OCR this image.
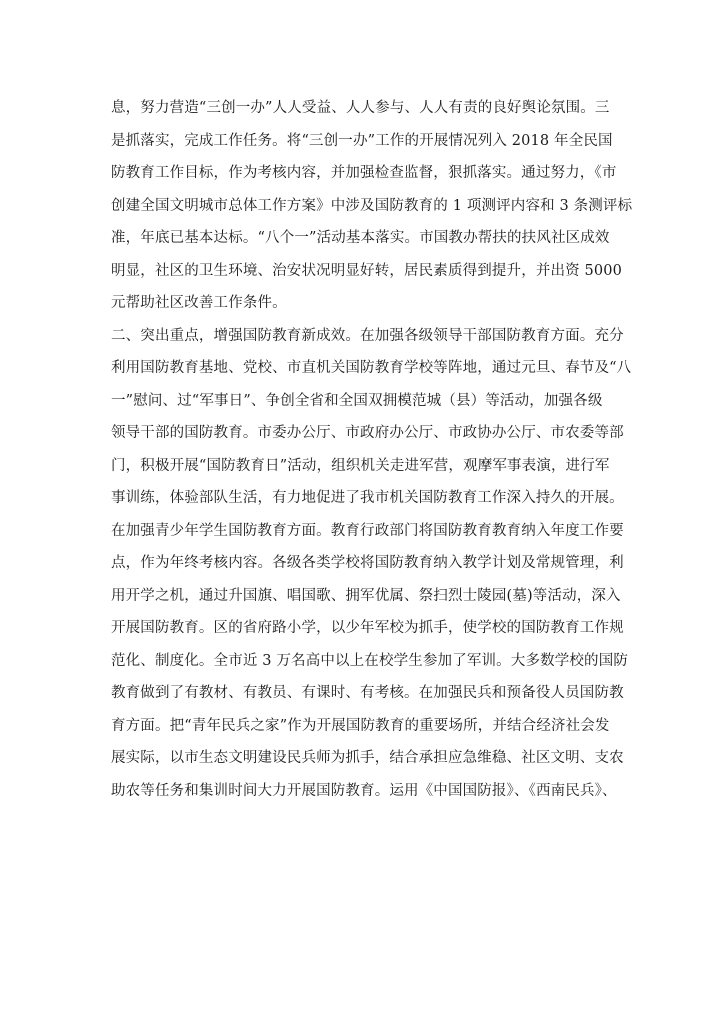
息，努力营造“三创一办”人人受益、人人参与、人人有责的良好舆论氛围。三
是抓落实，完成工作任务。将“三创一办”工作的开展情况列入 2018 年全民国
防教育工作目标，作为考核内容，并加强检查监督，狠抓落实。通过努力，《市
创建全国文明城市总体工作方案》中涉及国防教育的 1 项测评内容和 3 条测评标
准，年底已基本达标。“八个一”活动基本落实。市国教办帮扶的扶风社区成效
明显，社区的卫生环境、治安状况明显好转，居民素质得到提升，并出资 5000
元帮助社区改善工作条件。
二、突出重点，增强国防教育新成效。在加强各级领导干部国防教育方面。充分
利用国防教育基地、党校、市直机关国防教育学校等阵地，通过元旦、春节及“八
一”慰问、过“军事日”、争创全省和全国双拥模范城（县）等活动，加强各级
领导干部的国防教育。市委办公厅、市政府办公厅、市政协办公厅、市农委等部
门，积极开展“国防教育日”活动，组织机关走进军营，观摩军事表演，进行军
事训练，体验部队生活，有力地促进了我市机关国防教育工作深入持久的开展。
在加强青少年学生国防教育方面。教育行政部门将国防教育教育纳入年度工作要
点，作为年终考核内容。各级各类学校将国防教育纳入教学计划及常规管理，利
用开学之机，通过升国旗、唱国歌、拥军优属、祭扫烈士陵园(墓)等活动，深入
开展国防教育。区的省府路小学，以少年军校为抓手，使学校的国防教育工作规
范化、制度化。全市近 3 万名高中以上在校学生参加了军训。大多数学校的国防
教育做到了有教材、有教员、有课时、有考核。在加强民兵和预备役人员国防教
育方面。把“青年民兵之家”作为开展国防教育的重要场所，并结合经济社会发
展实际，以市生态文明建设民兵师为抓手，结合承担应急维稳、社区文明、支农
助农等任务和集训时间大力开展国防教育。运用《中国国防报》、《西南民兵》、
